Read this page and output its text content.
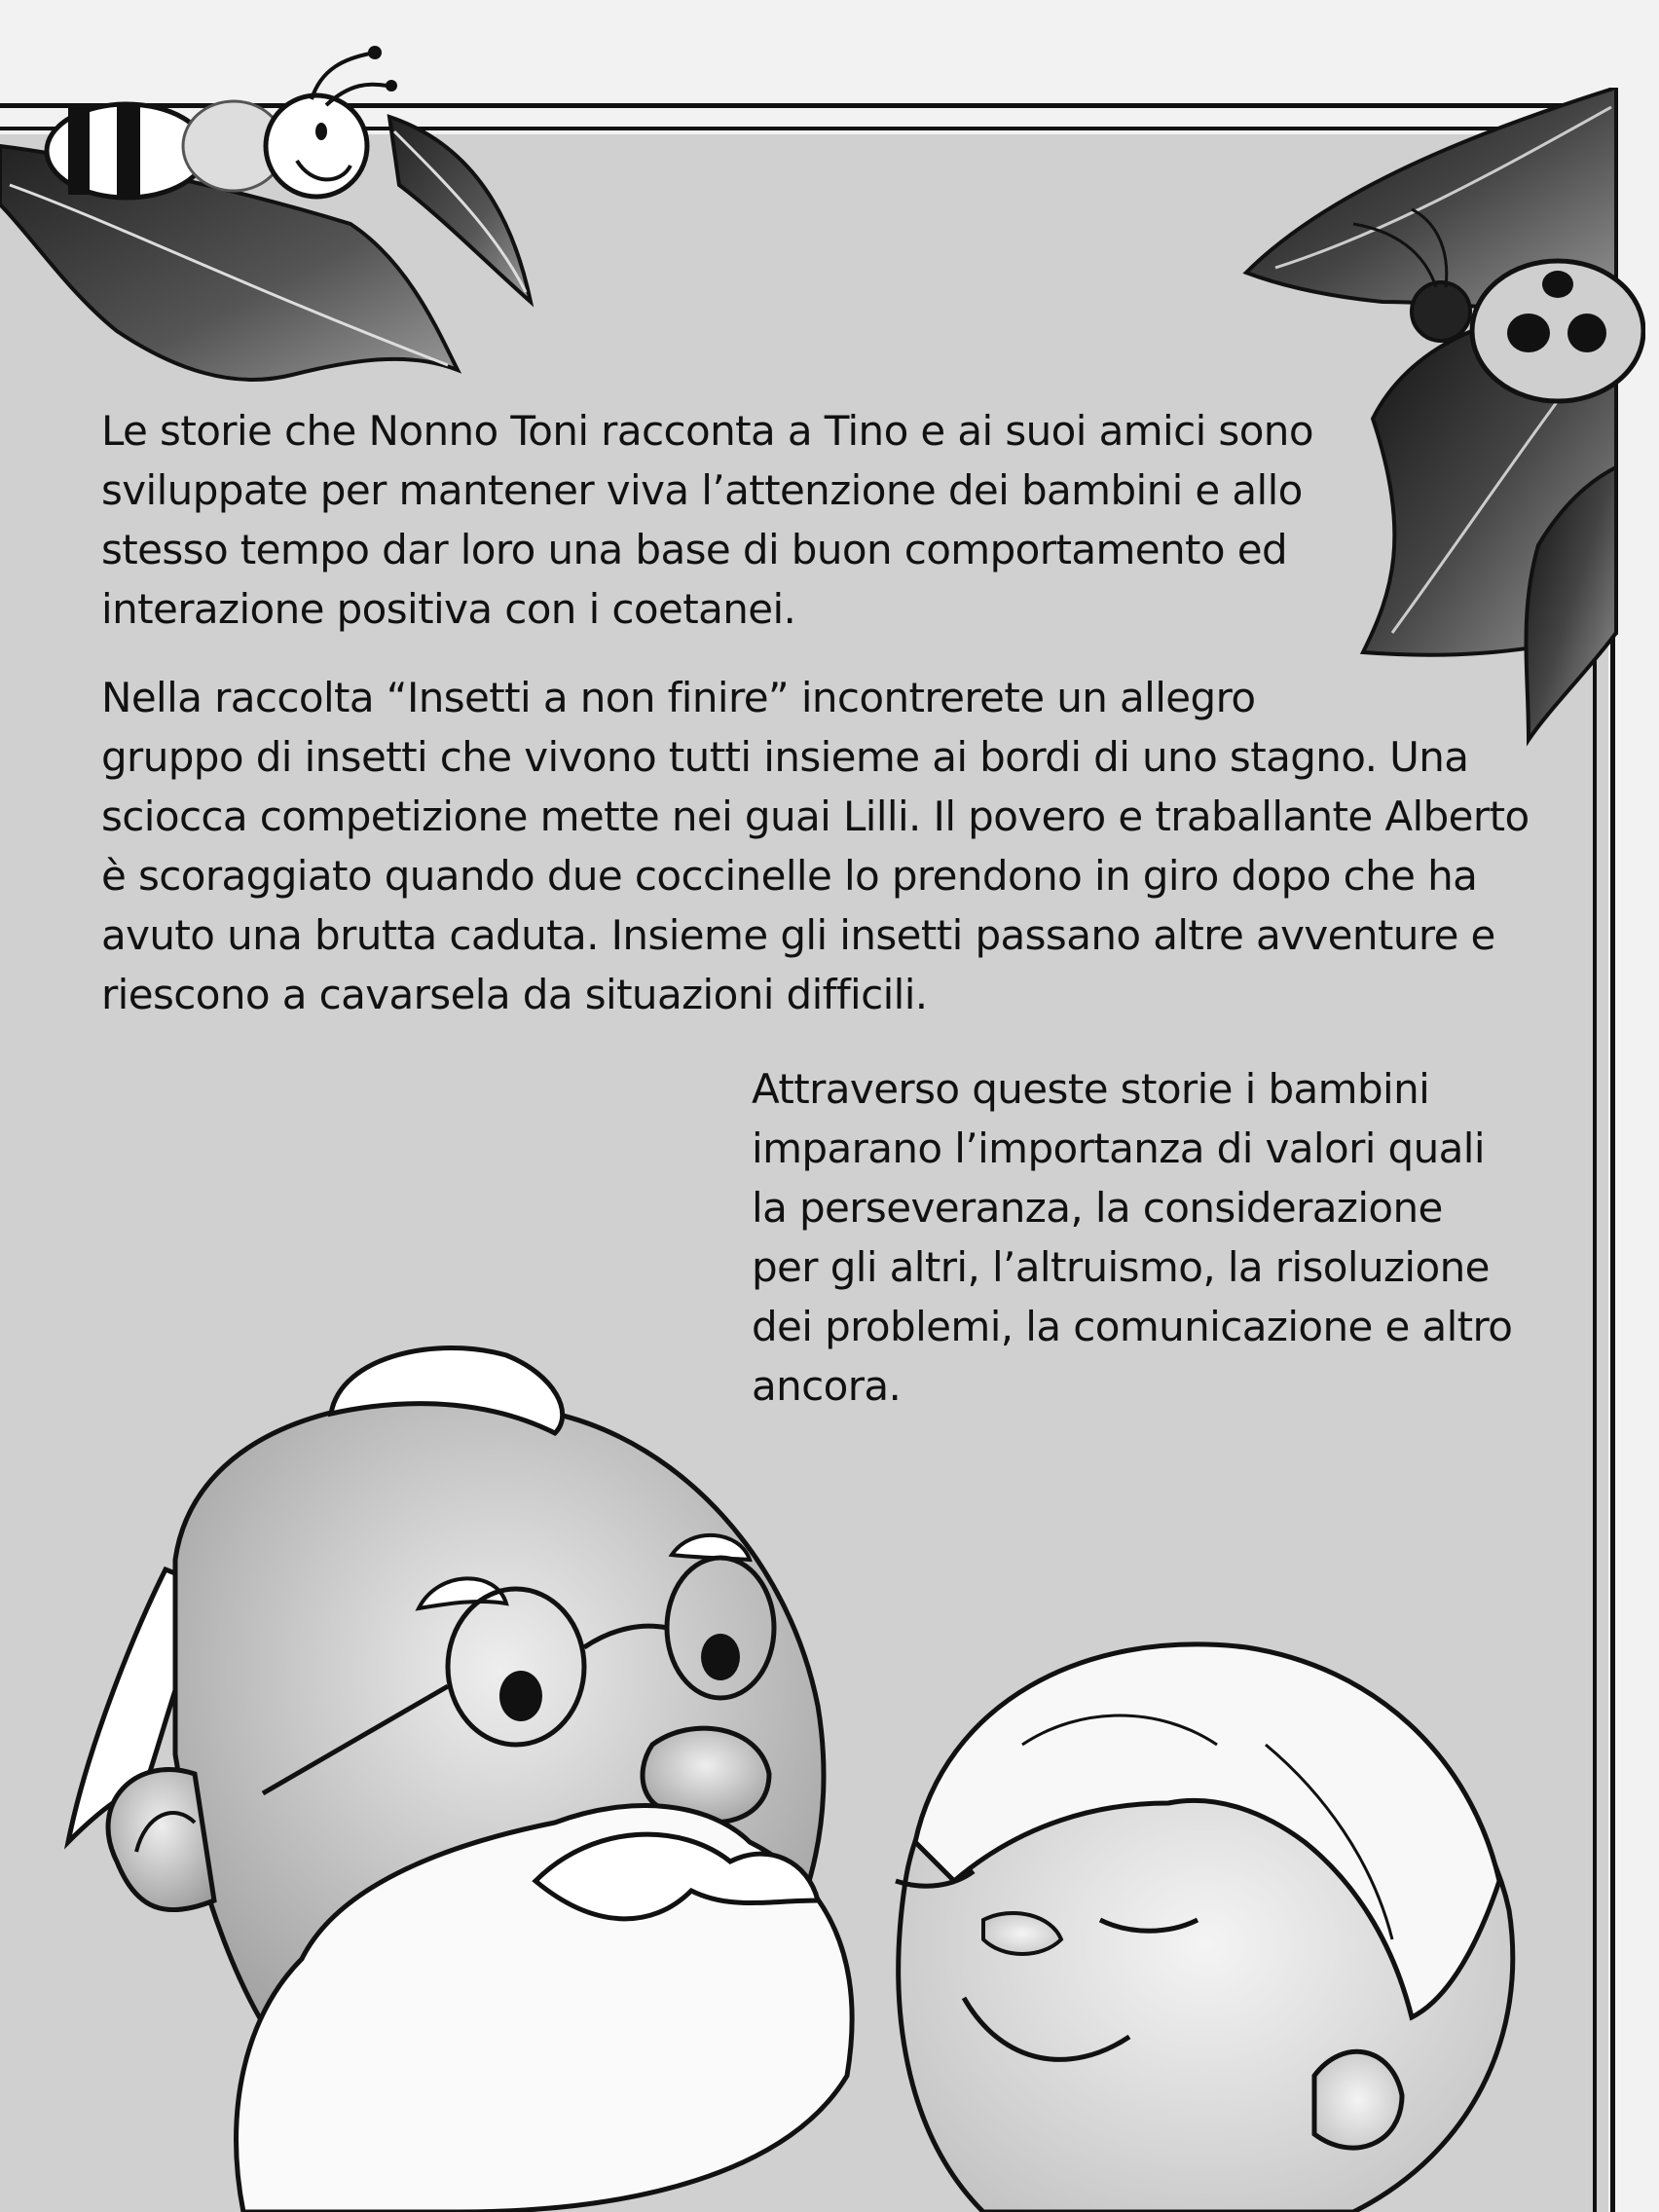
Le storie che Nonno Toni racconta a Tino e ai suoi amici sono
sviluppate per mantener viva l’attenzione dei bambini e allo
stesso tempo dar loro una base di buon comportamento ed
interazione positiva con i coetanei.
Nella raccolta “Insetti a non finire” incontrerete un allegro
gruppo di insetti che vivono tutti insieme ai bordi di uno stagno. Una
sciocca competizione mette nei guai Lilli. Il povero e traballante Alberto
è scoraggiato quando due coccinelle lo prendono in giro dopo che ha
avuto una brutta caduta. Insieme gli insetti passano altre avventure e
riescono a cavarsela da situazioni difficili.
Attraverso queste storie i bambini
imparano l’importanza di valori quali
la perseveranza, la considerazione
per gli altri, l’altruismo, la risoluzione
dei problemi, la comunicazione e altro
ancora.
